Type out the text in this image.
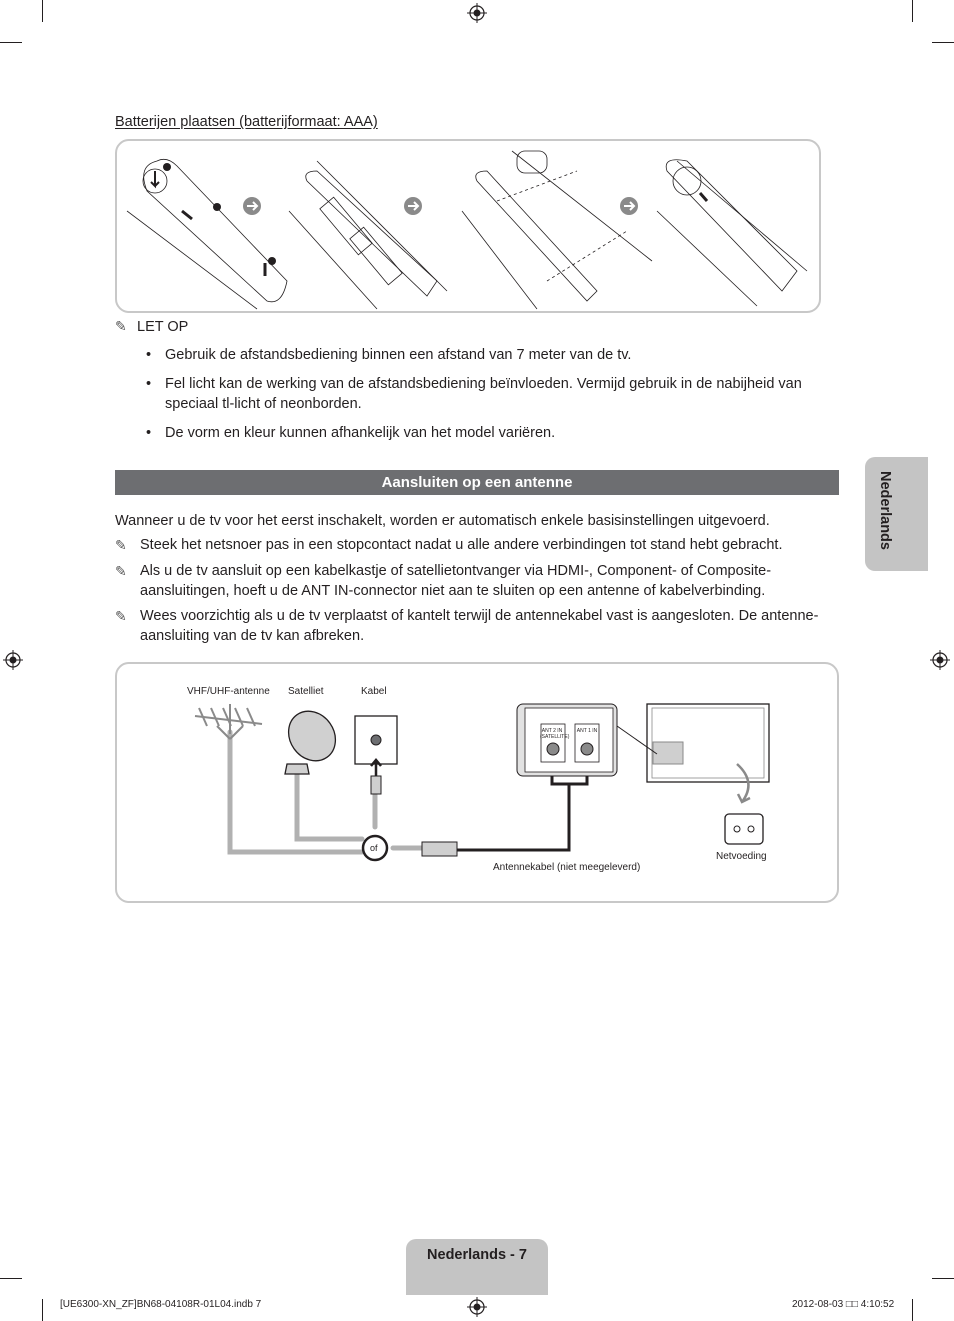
Batterijen plaatsen (batterijformaat: AAA)
✎ LET OP
• Gebruik de afstandsbediening binnen een afstand van 7 meter van de tv.
• Fel licht kan de werking van de afstandsbediening beïnvloeden. Vermijd gebruik in de nabijheid van speciaal tl-licht of neonborden.
• De vorm en kleur kunnen afhankelijk van het model variëren.
Aansluiten op een antenne	Nederlands
Wanneer u de tv voor het eerst inschakelt, worden er automatisch enkele basisinstellingen uitgevoerd.
✎ Steek het netsnoer pas in een stopcontact nadat u alle andere verbindingen tot stand hebt gebracht.
✎ Als u de tv aansluit op een kabelkastje of satellietontvanger via HDMI-, Component- of Composite-aansluitingen, hoeft u de ANT IN-connector niet aan te sluiten op een antenne of kabelverbinding.
✎ Wees voorzichtig als u de tv verplaatst of kantelt terwijl de antennekabel vast is aangesloten. De antenne-aansluiting van de tv kan afbreken.
VHF/UHF-antenne Satelliet	Kabel
of
ANT 2 IN (SATELLITE)
ANT 1 IN
Antennekabel (niet meegeleverd)
Netvoeding
Nederlands - 7
[UE6300-XN_ZF]BN68-04108R-01L04.indb 7	2012-08-03 □□ 4:10:52
